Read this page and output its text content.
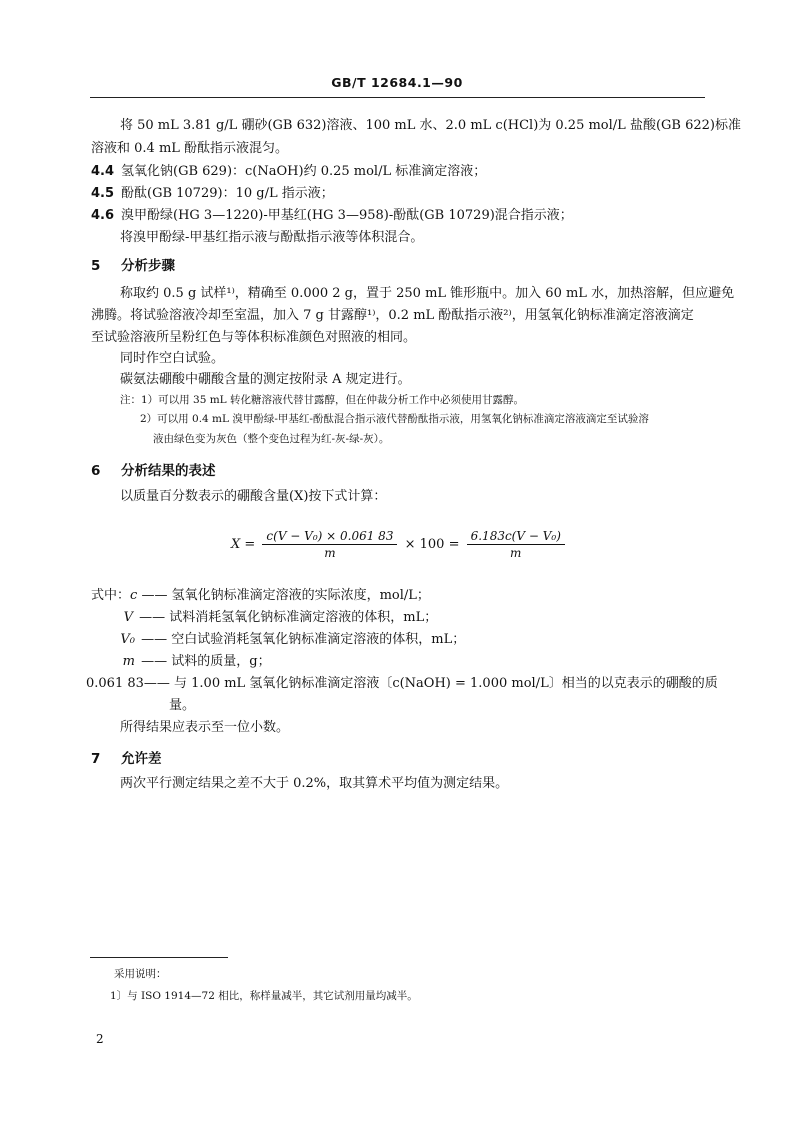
GB/T 12684.1—90
将 50 mL 3.81 g/L 硼砂(GB 632)溶液、100 mL 水、2.0 mL c(HCl)为 0.25 mol/L 盐酸(GB 622)标准
溶液和 0.4 mL 酚酞指示液混匀。
4.4 氢氧化钠(GB 629)：c(NaOH)约 0.25 mol/L 标准滴定溶液；
4.5 酚酞(GB 10729)：10 g/L 指示液；
4.6 溴甲酚绿(HG 3—1220)-甲基红(HG 3—958)-酚酞(GB 10729)混合指示液；
将溴甲酚绿-甲基红指示液与酚酞指示液等体积混合。
5 分析步骤
称取约 0.5 g 试样¹⁾，精确至 0.000 2 g，置于 250 mL 锥形瓶中。加入 60 mL 水，加热溶解，但应避免
沸腾。将试验溶液冷却至室温，加入 7 g 甘露醇¹⁾，0.2 mL 酚酞指示液²⁾，用氢氧化钠标准滴定溶液滴定
至试验溶液所呈粉红色与等体积标准颜色对照液的相同。
同时作空白试验。
碳氨法硼酸中硼酸含量的测定按附录 A 规定进行。
注：1）可以用 35 mL 转化糖溶液代替甘露醇，但在仲裁分析工作中必须使用甘露醇。
2）可以用 0.4 mL 溴甲酚绿-甲基红-酚酞混合指示液代替酚酞指示液，用氢氧化钠标准滴定溶液滴定至试验溶
液由绿色变为灰色（整个变色过程为红-灰-绿-灰）。
6 分析结果的表述
以质量百分数表示的硼酸含量(X)按下式计算：
$X = \frac{\text{c(V − V₀) × 0.061 83}}{m} \times 100 = \frac{\text{6.183c(V − V₀)}}{m}$
式中：c —— 氢氧化钠标准滴定溶液的实际浓度，mol/L；
V —— 试料消耗氢氧化钠标准滴定溶液的体积，mL；
V₀ —— 空白试验消耗氢氧化钠标准滴定溶液的体积，mL；
m —— 试料的质量，g；
0.061 83—— 与 1.00 mL 氢氧化钠标准滴定溶液〔c(NaOH) = 1.000 mol/L〕相当的以克表示的硼酸的质
量。
所得结果应表示至一位小数。
7 允许差
两次平行测定结果之差不大于 0.2%，取其算术平均值为测定结果。
采用说明：
1〕与 ISO 1914—72 相比，称样量减半，其它试剂用量均减半。
2
